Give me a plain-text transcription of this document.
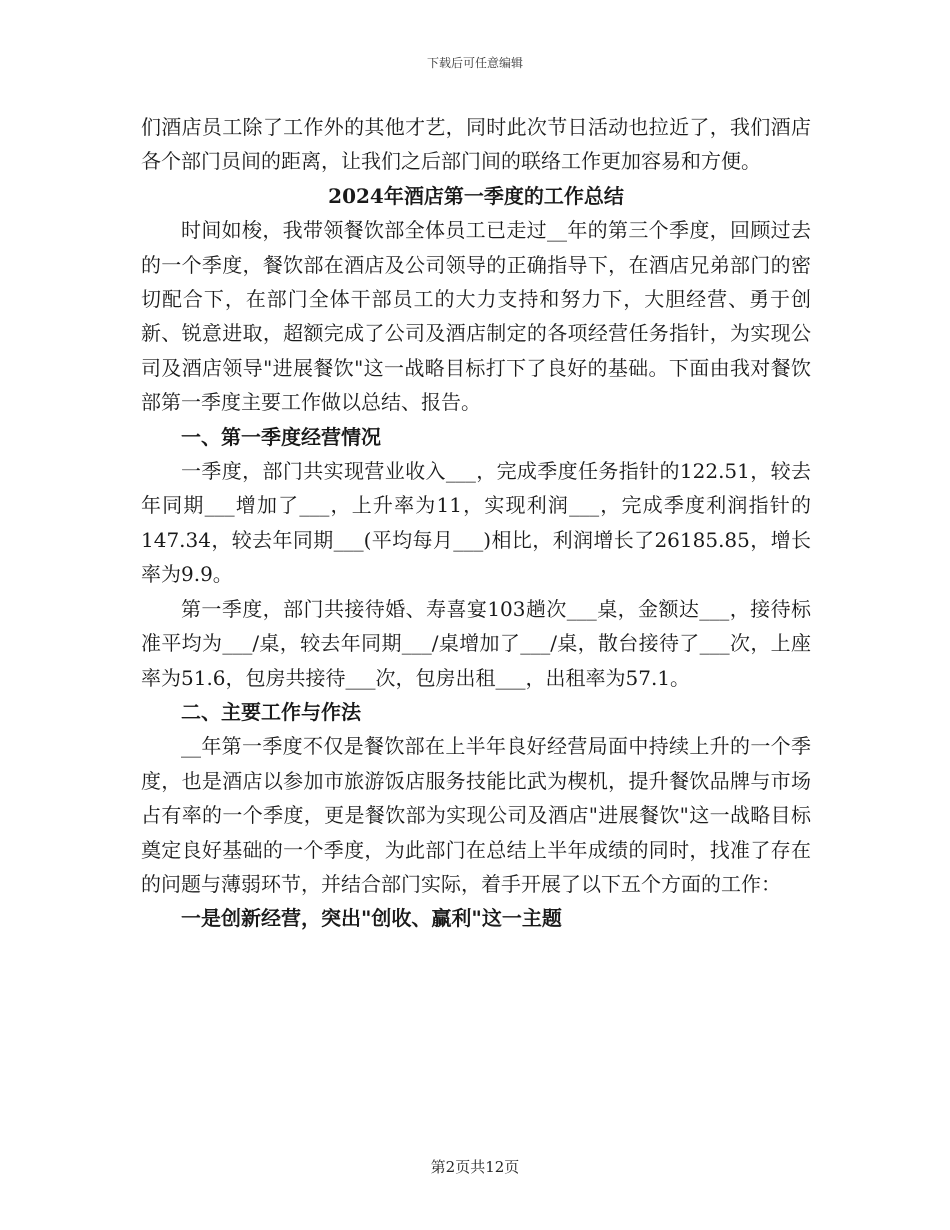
下载后可任意编辑

们酒店员工除了工作外的其他才艺，同时此次节日活动也拉近了，我们酒店各个部门员间的距离，让我们之后部门间的联络工作更加容易和方便。

2024年酒店第一季度的工作总结

时间如梭，我带领餐饮部全体员工已走过__年的第三个季度，回顾过去的一个季度，餐饮部在酒店及公司领导的正确指导下，在酒店兄弟部门的密切配合下，在部门全体干部员工的大力支持和努力下，大胆经营、勇于创新、锐意进取，超额完成了公司及酒店制定的各项经营任务指针，为实现公司及酒店领导"进展餐饮"这一战略目标打下了良好的基础。下面由我对餐饮部第一季度主要工作做以总结、报告。

一、第一季度经营情况

一季度，部门共实现营业收入___，完成季度任务指针的122.51，较去年同期___增加了___，上升率为11，实现利润___，完成季度利润指针的147.34，较去年同期___(平均每月___)相比，利润增长了26185.85，增长率为9.9。

第一季度，部门共接待婚、寿喜宴103趟次___桌，金额达___，接待标准平均为___/桌，较去年同期___/桌增加了___/桌，散台接待了___次，上座率为51.6，包房共接待___次，包房出租___，出租率为57.1。

二、主要工作与作法

__年第一季度不仅是餐饮部在上半年良好经营局面中持续上升的一个季度，也是酒店以参加市旅游饭店服务技能比武为楔机，提升餐饮品牌与市场占有率的一个季度，更是餐饮部为实现公司及酒店"进展餐饮"这一战略目标奠定良好基础的一个季度，为此部门在总结上半年成绩的同时，找准了存在的问题与薄弱环节，并结合部门实际，着手开展了以下五个方面的工作：

一是创新经营，突出"创收、赢利"这一主题

第2页共12页
